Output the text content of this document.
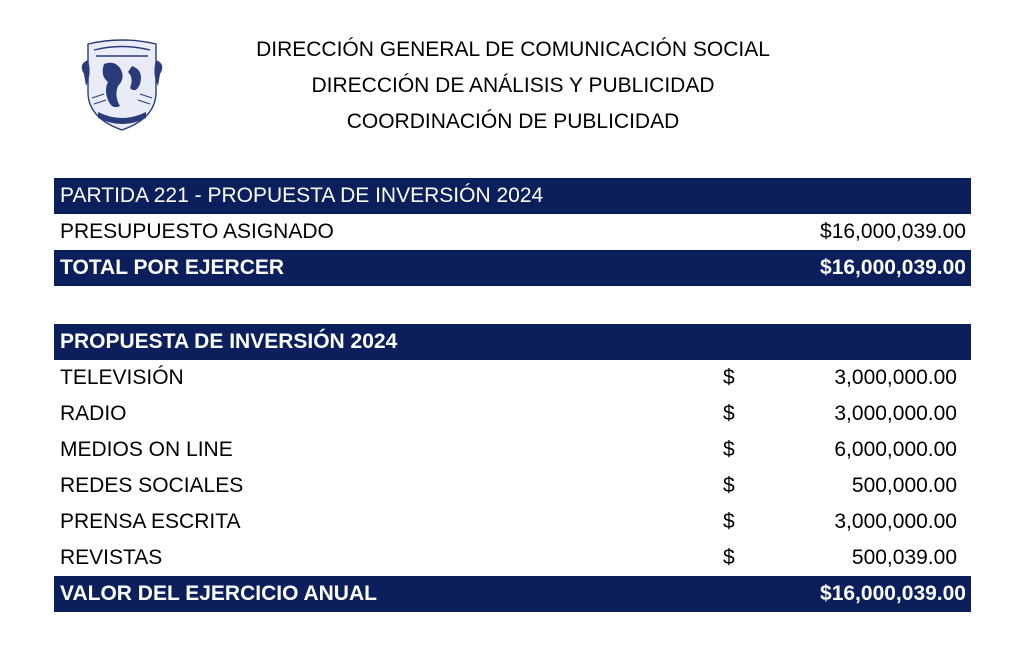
DIRECCIÓN GENERAL DE COMUNICACIÓN SOCIAL
DIRECCIÓN DE ANÁLISIS Y PUBLICIDAD
COORDINACIÓN DE PUBLICIDAD
PARTIDA 221 - PROPUESTA DE INVERSIÓN 2024
PRESUPUESTO ASIGNADO	$16,000,039.00
TOTAL POR EJERCER	$16,000,039.00
PROPUESTA DE INVERSIÓN 2024
TELEVISIÓN	$	3,000,000.00
RADIO	$	3,000,000.00
MEDIOS ON LINE	$	6,000,000.00
REDES SOCIALES	$	500,000.00
PRENSA ESCRITA	$	3,000,000.00
REVISTAS	$	500,039.00
VALOR DEL EJERCICIO ANUAL	$16,000,039.00
